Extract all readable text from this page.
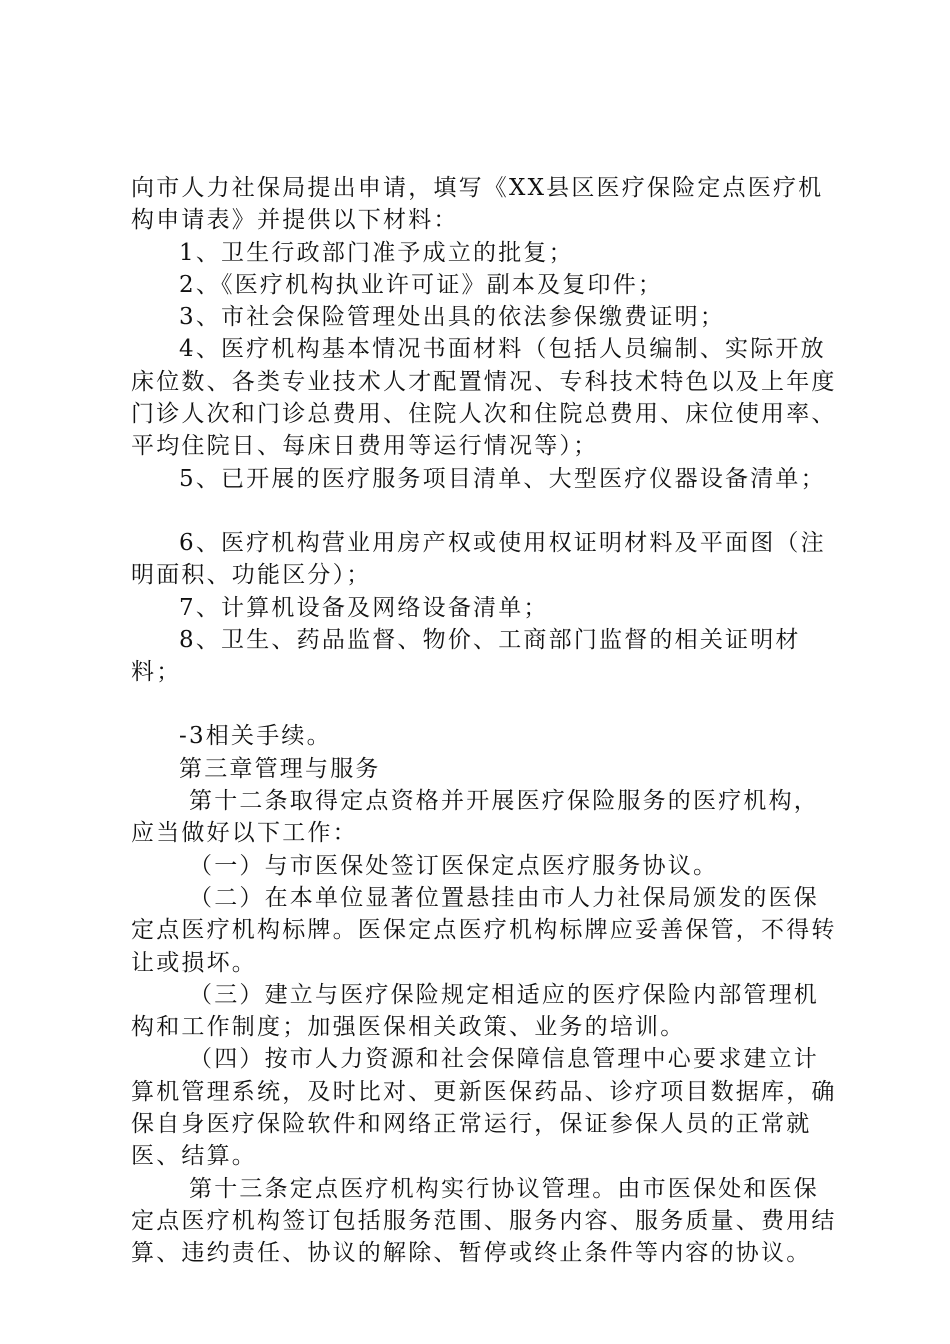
向市人力社保局提出申请，填写《XX县区医疗保险定点医疗机构申请表》并提供以下材料：

1、卫生行政部门准予成立的批复；

2、《医疗机构执业许可证》副本及复印件；

3、市社会保险管理处出具的依法参保缴费证明；

4、医疗机构基本情况书面材料（包括人员编制、实际开放床位数、各类专业技术人才配置情况、专科技术特色以及上年度门诊人次和门诊总费用、住院人次和住院总费用、床位使用率、平均住院日、每床日费用等运行情况等）；

5、已开展的医疗服务项目清单、大型医疗仪器设备清单；

6、医疗机构营业用房产权或使用权证明材料及平面图（注明面积、功能区分）；

7、计算机设备及网络设备清单；

8、卫生、药品监督、物价、工商部门监督的相关证明材料；

-3相关手续。

第三章管理与服务

第十二条取得定点资格并开展医疗保险服务的医疗机构，应当做好以下工作：

（一）与市医保处签订医保定点医疗服务协议。

（二）在本单位显著位置悬挂由市人力社保局颁发的医保定点医疗机构标牌。医保定点医疗机构标牌应妥善保管，不得转让或损坏。

（三）建立与医疗保险规定相适应的医疗保险内部管理机构和工作制度；加强医保相关政策、业务的培训。

（四）按市人力资源和社会保障信息管理中心要求建立计算机管理系统，及时比对、更新医保药品、诊疗项目数据库，确保自身医疗保险软件和网络正常运行，保证参保人员的正常就医、结算。

第十三条定点医疗机构实行协议管理。由市医保处和医保定点医疗机构签订包括服务范围、服务内容、服务质量、费用结算、违约责任、协议的解除、暂停或终止条件等内容的协议。
